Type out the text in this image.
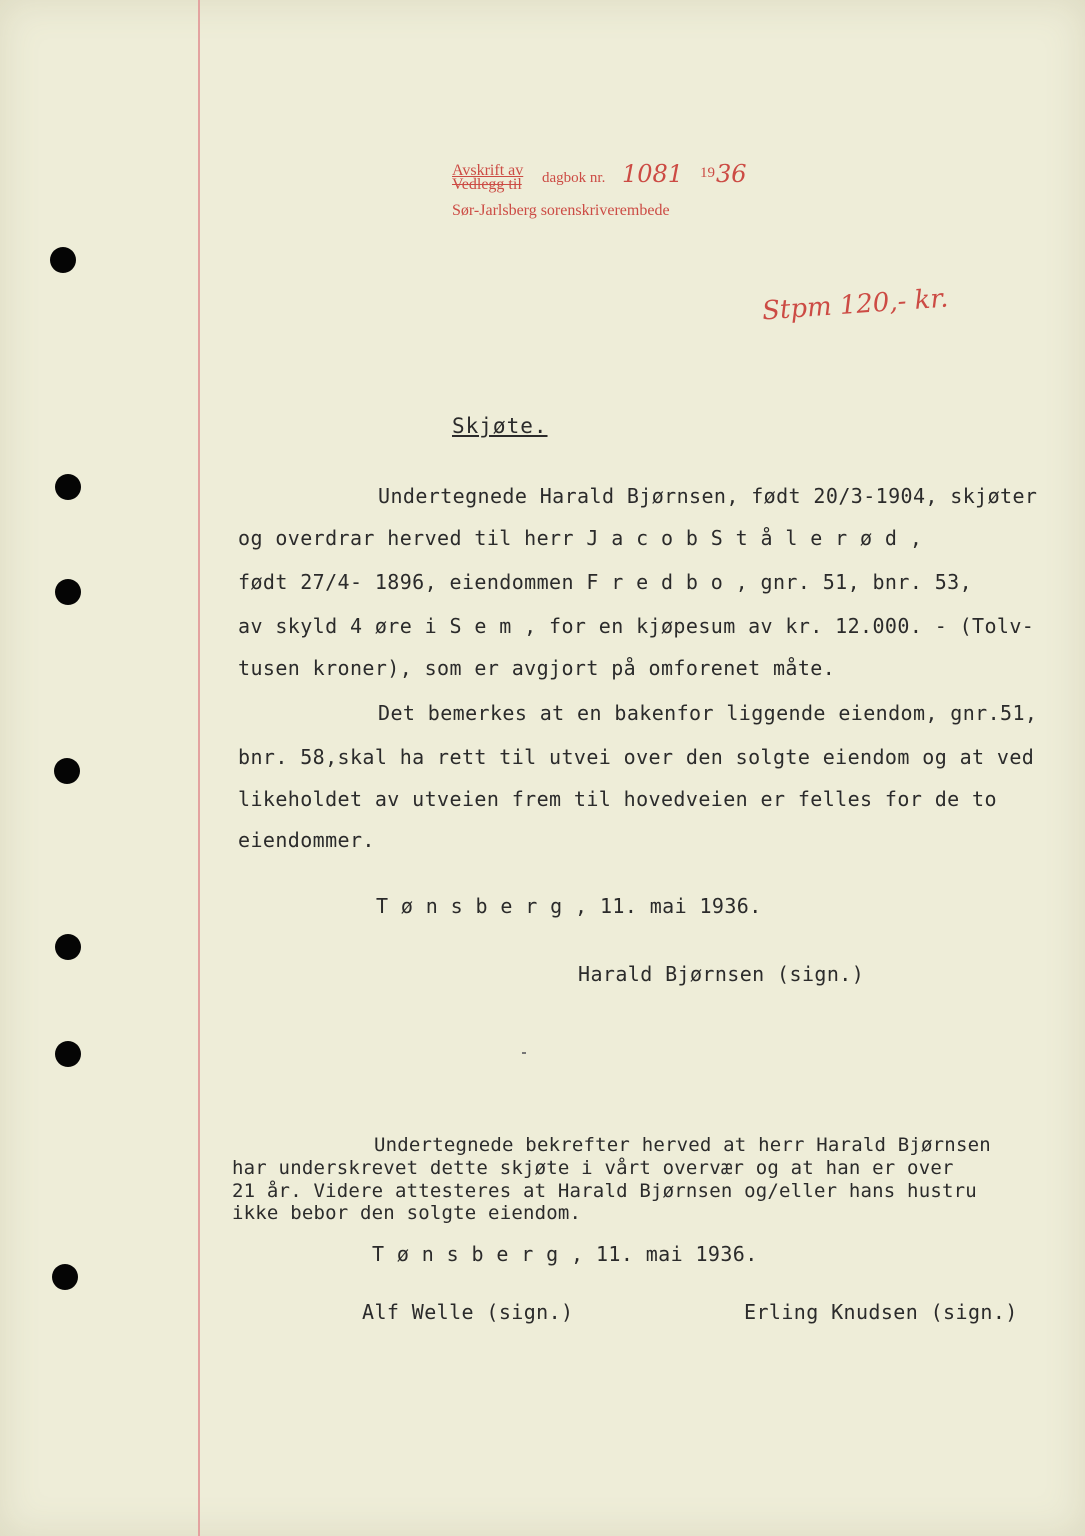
Avskrift av
Vedlegg til dagbok nr.
Sør-Jarlsberg sorenskriverembede
1081 19 36
Stpm 120,- kr.
Skjøte.
Undertegnede Harald Bjørnsen, født 20/3-1904, skjøter
og overdrar herved til herr J a c o b S t å l e r ø d ,
født 27/4- 1896, eiendommen F r e d b o , gnr. 51, bnr. 53,
av skyld 4 øre i S e m , for en kjøpesum av kr. 12.000. - (Tolv-
tusen kroner), som er avgjort på omforenet måte.
Det bemerkes at en bakenfor liggende eiendom, gnr.51,
bnr. 58,skal ha rett til utvei over den solgte eiendom og at ved
likeholdet av utveien frem til hovedveien er felles for de to
eiendommer.
T ø n s b e r g , 11. mai 1936.
Harald Bjørnsen (sign.)
Undertegnede bekrefter herved at herr Harald Bjørnsen
har underskrevet dette skjøte i vårt overvær og at han er over
21 år. Videre attesteres at Harald Bjørnsen og/eller hans hustru
ikke bebor den solgte eiendom.
T ø n s b e r g , 11. mai 1936.
Alf Welle (sign.)	Erling Knudsen (sign.)
